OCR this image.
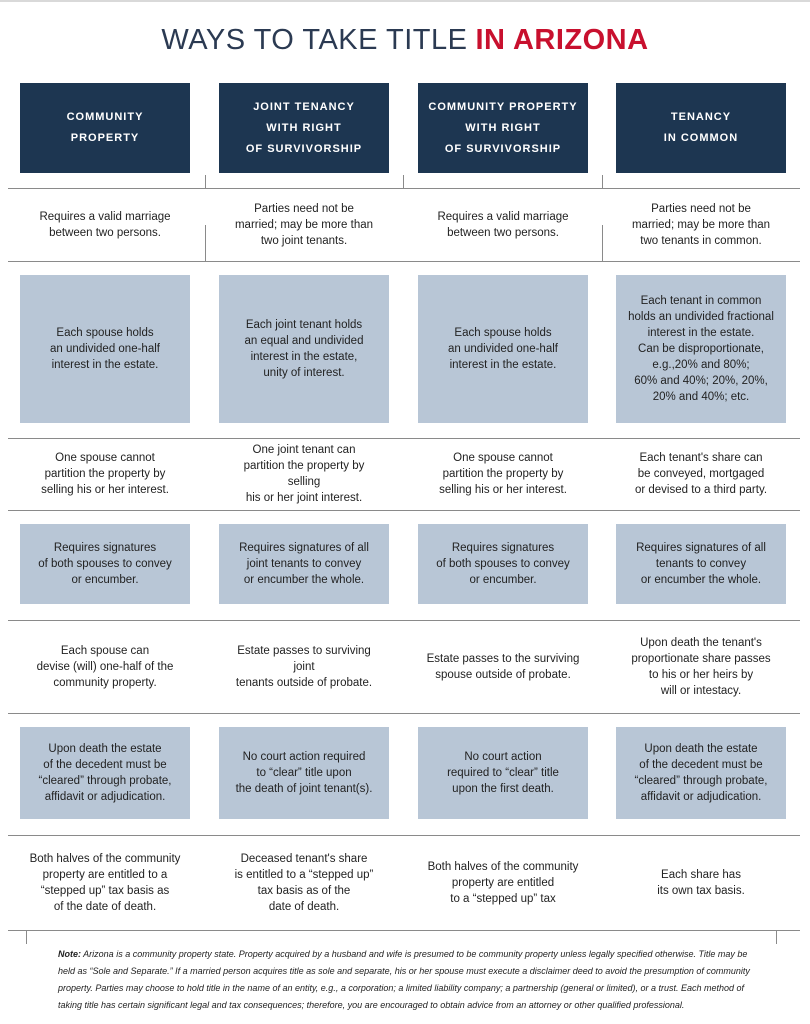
WAYS TO TAKE TITLE IN ARIZONA
COMMUNITY
PROPERTY
JOINT TENANCY
WITH RIGHT
OF SURVIVORSHIP
COMMUNITY PROPERTY
WITH RIGHT
OF SURVIVORSHIP
TENANCY
IN COMMON
Requires a valid marriage
between two persons.
Parties need not be
married; may be more than
two joint tenants.
Requires a valid marriage
between two persons.
Parties need not be
married; may be more than
two tenants in common.
Each spouse holds
an undivided one-half
interest in the estate.
Each joint tenant holds
an equal and undivided
interest in the estate,
unity of interest.
Each spouse holds
an undivided one-half
interest in the estate.
Each tenant in common
holds an undivided fractional
interest in the estate.
Can be disproportionate,
e.g.,20% and 80%;
60% and 40%; 20%, 20%,
20% and 40%; etc.
One spouse cannot
partition the property by
selling his or her interest.
One joint tenant can
partition the property by selling
his or her joint interest.
One spouse cannot
partition the property by
selling his or her interest.
Each tenant's share can
be conveyed, mortgaged
or devised to a third party.
Requires signatures
of both spouses to convey
or encumber.
Requires signatures of all
joint tenants to convey
or encumber the whole.
Requires signatures
of both spouses to convey
or encumber.
Requires signatures of all
tenants to convey
or encumber the whole.
Each spouse can
devise (will) one-half of the
community property.
Estate passes to surviving joint
tenants outside of probate.
Estate passes to the surviving
spouse outside of probate.
Upon death the tenant's
proportionate share passes
to his or her heirs by
will or intestacy.
Upon death the estate
of the decedent must be
“cleared” through probate,
affidavit or adjudication.
No court action required
to “clear” title upon
the death of joint tenant(s).
No court action
required to “clear” title
upon the first death.
Upon death the estate
of the decedent must be
“cleared” through probate,
affidavit or adjudication.
Both halves of the community
property are entitled to a
“stepped up” tax basis as
of the date of death.
Deceased tenant's share
is entitled to a “stepped up”
tax basis as of the
date of death.
Both halves of the community
property are entitled
to a “stepped up” tax
Each share has
its own tax basis.
Note: Arizona is a community property state. Property acquired by a husband and wife is presumed to be community property unless legally specified otherwise. Title may be held as “Sole and Separate.” If a married person acquires title as sole and separate, his or her spouse must execute a disclaimer deed to avoid the presumption of community property. Parties may choose to hold title in the name of an entity, e.g., a corporation; a limited liability company; a partnership (general or limited), or a trust. Each method of taking title has certain significant legal and tax consequences; therefore, you are encouraged to obtain advice from an attorney or other qualified professional.
